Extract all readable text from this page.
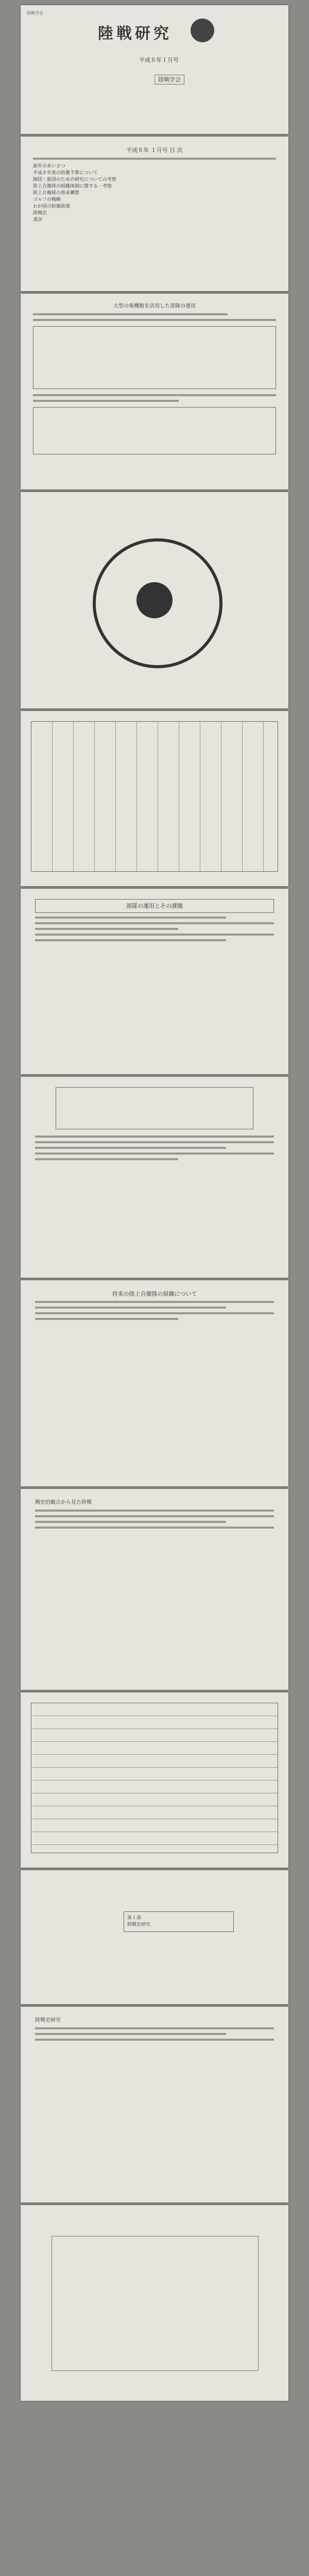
陸戦学会
陸戦研究
平成８年１月号
陸戦学会
平成８年 １月号 目 次
新年のあいさつ
平成８年度の防衛予算について
師団・旅団のための研究についての考察
陸上自衛隊の組織体制に関する一考察
陸上自衛隊の将来構想
ゴルフの戦略
わが国の防衛政策
陸戦史
書評
大型の重機類を活用した部隊の運用
部隊の運用とその課題
将来の陸上自衛隊の組織について
戦史的観点から見た陸戦
第１部
陸戦史研究
陸戦史研究
